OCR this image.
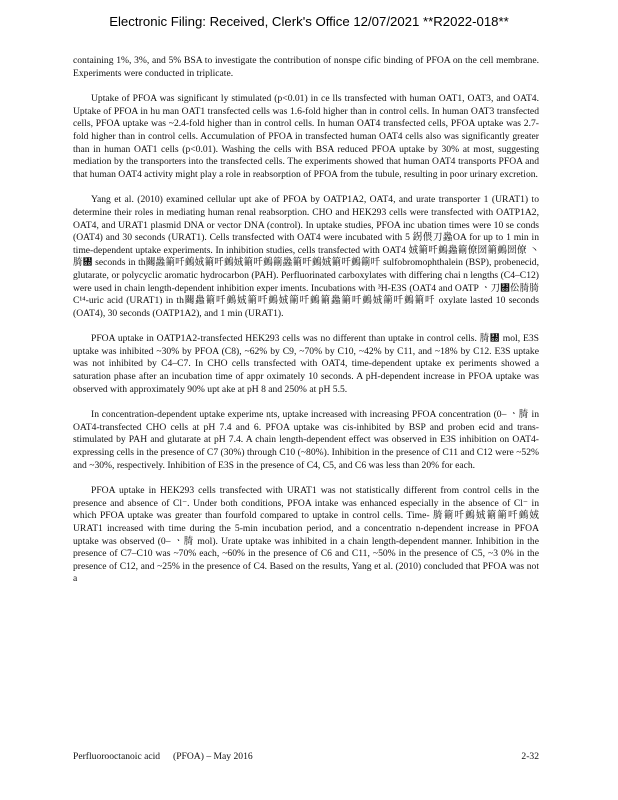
Electronic Filing: Received, Clerk's Office 12/07/2021 **R2022-018**

containing 1%, 3%, and 5% BSA to investigate the contribution of nonspe cific binding of PFOA on the cell membrane. Experiments were conducted in triplicate.

Uptake of PFOA was significant ly stimulated (p<0.01) in ce lls transfected with human OAT1, OAT3, and OAT4. Uptake of PFOA in hu man OAT1 transfected cells was 1.6-fold higher than in control cells. In human OAT3 transfected cells, PFOA uptake was ~2.4-fold higher than in control cells. In human OAT4 transfected cells, PFOA uptake was 2.7-fold higher than in control cells. Accumulation of PFOA in transfected human OAT4 cells also was significantly greater than in human OAT1 cells (p<0.01). Washing the cells with BSA reduced PFOA uptake by 30% at most, suggesting mediation by the transporters into the transfected cells. The experiments showed that human OAT4 transports PFOA and that human OAT4 activity might play a role in reabsorption of PFOA from the tubule, resulting in poor urinary excretion.

Yang et al. (2010) examined cellular upt ake of PFOA by OATP1A2, OAT4, and urate transporter 1 (URAT1) to determine their roles in mediating human renal reabsorption. CHO and HEK293 cells were transfected with OATP1A2, OAT4, and URAT1 plasmid DNA or vector DNA (control). In uptake studies, PFOA inc ubation times were 10 se conds (OAT4) and 30 seconds (URAT1). Cells transfected with OAT4 were incubated with 5 䤢偎刀䘀OA for up to 1 min in time-dependent uptake experiments. In inhibition studies, cells transfected with OAT4 娀䈀吀䴀䘀䈀僚圀䈀䴀圀僚 ㇔䐀㄀ seconds in th䦳䘀䈀吀䴀娀䈀吀䴀娀䈀吀䴀䈀䘀䈀吀䴀娀䈀吀䴀䈀吀 sulfobromophthalein (BSP), probenecid, glutarate, or polycyclic aromatic hydrocarbon (PAH). Perfluorinated carboxylates with differing chai n lengths (C4–C12) were used in chain length-dependent inhibition exper iments. Incubations with ³H-E3S (OAT4 and OATP ㆍ刀㄀伀䐀䐀 C¹⁴-uric acid (URAT1) in th䦳䘀䈀吀䴀娀䈀吀䴀娀䈀吀䴀䈀䘀䈀吀䴀娀䈀吀䴀䈀吀 oxylate lasted 10 seconds (OAT4), 30 seconds (OATP1A2), and 1 min (URAT1).

PFOA uptake in OATP1A2-transfected HEK293 cells was no different than uptake in control cells. 䐀㄀ mol, E3S uptake was inhibited ~30% by PFOA (C8), ~62% by C9, ~70% by C10, ~42% by C11, and ~18% by C12. E3S uptake was not inhibited by C4–C7. In CHO cells transfected with OAT4, time-dependent uptake ex periments showed a saturation phase after an incubation time of appr oximately 10 seconds. A pH-dependent increase in PFOA uptake was observed with approximately 90% upt ake at pH 8 and 250% at pH 5.5.

In concentration-dependent uptake experime nts, uptake increased with increasing PFOA concentration (0– ㆍ䐀 in OAT4-transfected CHO cells at pH 7.4 and 6. PFOA uptake was cis-inhibited by BSP and proben ecid and trans-stimulated by PAH and glutarate at pH 7.4. A chain length-dependent effect was observed in E3S inhibition on OAT4-expressing cells in the presence of C7 (30%) through C10 (~80%). Inhibition in the presence of C11 and C12 were ~52% and ~30%, respectively. Inhibition of E3S in the presence of C4, C5, and C6 was less than 20% for each.

PFOA uptake in HEK293 cells transfected with URAT1 was not statistically different from control cells in the presence and absence of Cl⁻. Under both conditions, PFOA intake was enhanced especially in the absence of Cl⁻ in which PFOA uptake was greater than fourfold compared to uptake in control cells. Time- 䐀䈀吀䴀娀䈀䈀吀䴀娀 URAT1 increased with time during the 5-min incubation period, and a concentratio n-dependent increase in PFOA uptake was observed (0– ㆍ䐀 mol). Urate uptake was inhibited in a chain length-dependent manner. Inhibition in the presence of C7–C10 was ~70% each, ~60% in the presence of C6 and C11, ~50% in the presence of C5, ~3 0% in the presence of C12, and ~25% in the presence of C4. Based on the results, Yang et al. (2010) concluded that PFOA was not a

Perfluorooctanoic acid (PFOA) – May 2016	2-32
